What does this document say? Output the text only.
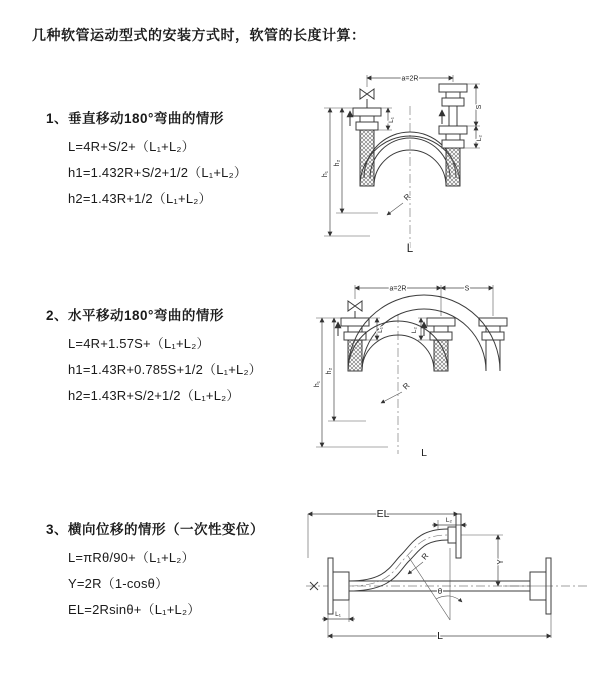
几种软管运动型式的安装方式时，软管的长度计算：
1、垂直移动180°弯曲的情形
L=4R+S/2+（L₁+L₂）
h1=1.432R+S/2+1/2（L₁+L₂）
h2=1.43R+1/2（L₁+L₂）
2、水平移动180°弯曲的情形
L=4R+1.57S+（L₁+L₂）
h1=1.43R+0.785S+1/2（L₁+L₂）
h2=1.43R+S/2+1/2（L₁+L₂）
3、横向位移的情形（一次性变位）
L=πRθ/90+（L₁+L₂）
Y=2R（1-cosθ）
EL=2Rsinθ+（L₁+L₂）
a=2R
S
L₂
h₁
h₂
L₁
R
L
a=2R	S
h₁
h₂
L₁	L₂
R
L
θ
R
EL
L₂
Y
L
L₁
